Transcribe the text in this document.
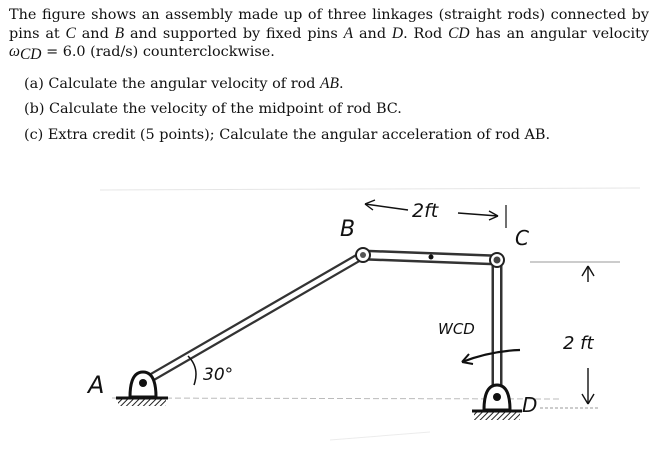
The figure shows an assembly made up of three linkages (straight rods) connected by pins at C and B and supported by fixed pins A and D. Rod CD has an angular velocity ωCD = 6.0 (rad/s) counterclockwise.

(a) Calculate the angular velocity of rod AB.
(b) Calculate the velocity of the midpoint of rod BC.
(c) Extra credit (5 points); Calculate the angular acceleration of rod AB.
30°
A
B	C
D
2ft
2 ft
WCD
